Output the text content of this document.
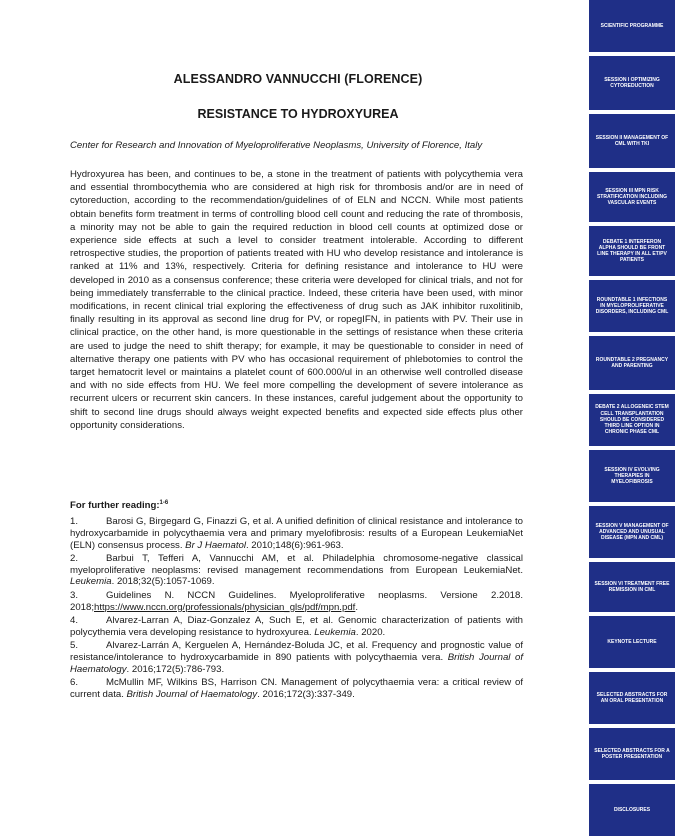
ALESSANDRO VANNUCCHI (FLORENCE)
RESISTANCE TO HYDROXYUREA
Center for Research and Innovation of Myeloproliferative Neoplasms, University of Florence, Italy
Hydroxyurea has been, and continues to be, a stone in the treatment of patients with polycythemia vera and essential thrombocythemia who are considered at high risk for thrombosis and/or are in need of cytoreduction, according to the recommendation/guidelines of of ELN and NCCN. While most patients obtain benefits form treatment in terms of controlling blood cell count and reducing the rate of thrombosis, a minority may not be able to gain the required reduction in blood cell counts at optimized dose or experience side effects at such a level to consider treatment intolerable. According to different retrospective studies, the proportion of patients treated with HU who develop resistance and intolerance is ranked at 11% and 13%, respectively. Criteria for defining resistance and intolerance to HU were developed in 2010 as a consensus conference; these criteria were developed for clinical trials, and not for being immediately transferrable to the clinical practice. Indeed, these criteria have been used, with minor modifications, in recent clinical trial exploring the effectiveness of drug such as JAK inhibitor ruxolitinib, finally resulting in its approval as second line drug for PV, or ropegIFN, in patients with PV. Their use in clinical practice, on the other hand, is more questionable in the settings of resistance when these criteria are used to judge the need to shift therapy; for example, it may be questionable to consider in need of alternative therapy one patients with PV who has occasional requirement of phlebotomies to control the target hematocrit level or maintains a platelet count of 600.000/ul in an otherwise well controlled disease and with no side effects from HU. We feel more compelling the development of severe intolerance as recurrent ulcers or recurrent skin cancers. In these instances, careful judgement about the opportunity to shift to second line drugs should always weight expected benefits and expected side effects plus other opportunity considerations.
For further reading:$^{1-6}$
1.	Barosi G, Birgegard G, Finazzi G, et al. A unified definition of clinical resistance and intolerance to hydroxycarbamide in polycythaemia vera and primary myelofibrosis: results of a European LeukemiaNet (ELN) consensus process. Br J Haematol. 2010;148(6):961-963.
2.	Barbui T, Tefferi A, Vannucchi AM, et al. Philadelphia chromosome-negative classical myeloproliferative neoplasms: revised management recommendations from European LeukemiaNet. Leukemia. 2018;32(5):1057-1069.
3.	Guidelines N. NCCN Guidelines. Myeloproliferative neoplasms. Versione 2.2018. 2018;https://www.nccn.org/professionals/physician_gls/pdf/mpn.pdf.
4.	Alvarez-Larran A, Diaz-Gonzalez A, Such E, et al. Genomic characterization of patients with polycythemia vera developing resistance to hydroxyurea. Leukemia. 2020.
5.	Alvarez-Larrán A, Kerguelen A, Hernández-Boluda JC, et al. Frequency and prognostic value of resistance/intolerance to hydroxycarbamide in 890 patients with polycythaemia vera. British Journal of Haematology. 2016;172(5):786-793.
6.	McMullin MF, Wilkins BS, Harrison CN. Management of polycythaemia vera: a critical review of current data. British Journal of Haematology. 2016;172(3):337-349.
SCIENTIFIC PROGRAMME
SESSION I OPTIMIZING CYTOREDUCTION
SESSION II MANAGEMENT OF CML WITH TKI
SESSION III MPN RISK STRATIFICATION INCLUDING VASCULAR EVENTS
DEBATE 1 INTERFERON ALPHA SHOULD BE FRONT LINE THERAPY IN ALL ET/PV PATIENTS
ROUNDTABLE 1 INFECTIONS IN MYELOPROLIFERATIVE DISORDERS, INCLUDING CML
ROUNDTABLE 2 PREGNANCY AND PARENTING
DEBATE 2 ALLOGENEIC STEM CELL TRANSPLANTATION SHOULD BE CONSIDERED THIRD LINE OPTION IN CHRONIC PHASE CML
SESSION IV EVOLVING THERAPIES IN MYELOFIBROSIS
SESSION V MANAGEMENT OF ADVANCED AND UNUSUAL DISEASE (MPN AND CML)
SESSION VI TREATMENT FREE REMISSION IN CML
KEYNOTE LECTURE
SELECTED ABSTRACTS FOR AN ORAL PRESENTATION
SELECTED ABSTRACTS FOR A POSTER PRESENTATION
DISCLOSURES
